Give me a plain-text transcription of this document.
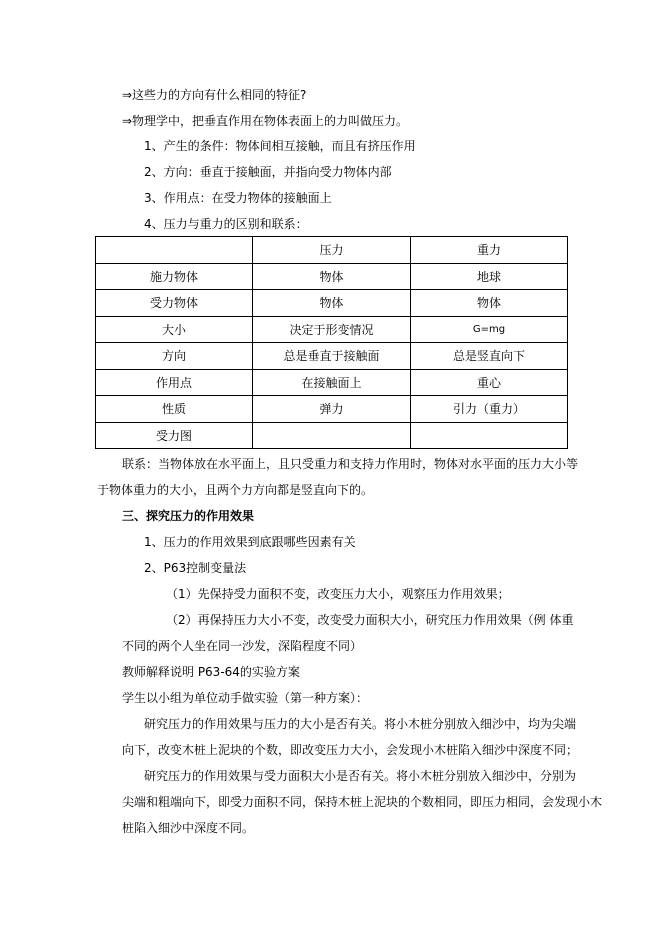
⇒这些力的方向有什么相同的特征?
⇒物理学中，把垂直作用在物体表面上的力叫做压力。
1、产生的条件：物体间相互接触，而且有挤压作用
2、方向：垂直于接触面，并指向受力物体内部
3、作用点：在受力物体的接触面上
4、压力与重力的区别和联系：
	压力	重力
施力物体	物体	地球
受力物体	物体	物体
大小	决定于形变情况	G=mg
方向	总是垂直于接触面	总是竖直向下
作用点	在接触面上	重心
性质	弹力	引力（重力）
受力图		
联系：当物体放在水平面上，且只受重力和支持力作用时，物体对水平面的压力大小等
于物体重力的大小，且两个力方向都是竖直向下的。
三、探究压力的作用效果
1、压力的作用效果到底跟哪些因素有关
2、P63控制变量法
（1）先保持受力面积不变，改变压力大小，观察压力作用效果；
（2）再保持压力大小不变，改变受力面积大小，研究压力作用效果（例 体重
不同的两个人坐在同一沙发，深陷程度不同）
教师解释说明 P63-64的实验方案
学生以小组为单位动手做实验（第一种方案）：
研究压力的作用效果与压力的大小是否有关。将小木桩分别放入细沙中，均为尖端
向下，改变木桩上泥块的个数，即改变压力大小，会发现小木桩陷入细沙中深度不同；
研究压力的作用效果与受力面积大小是否有关。将小木桩分别放入细沙中，分别为
尖端和粗端向下，即受力面积不同，保持木桩上泥块的个数相同，即压力相同，会发现小木
桩陷入细沙中深度不同。
